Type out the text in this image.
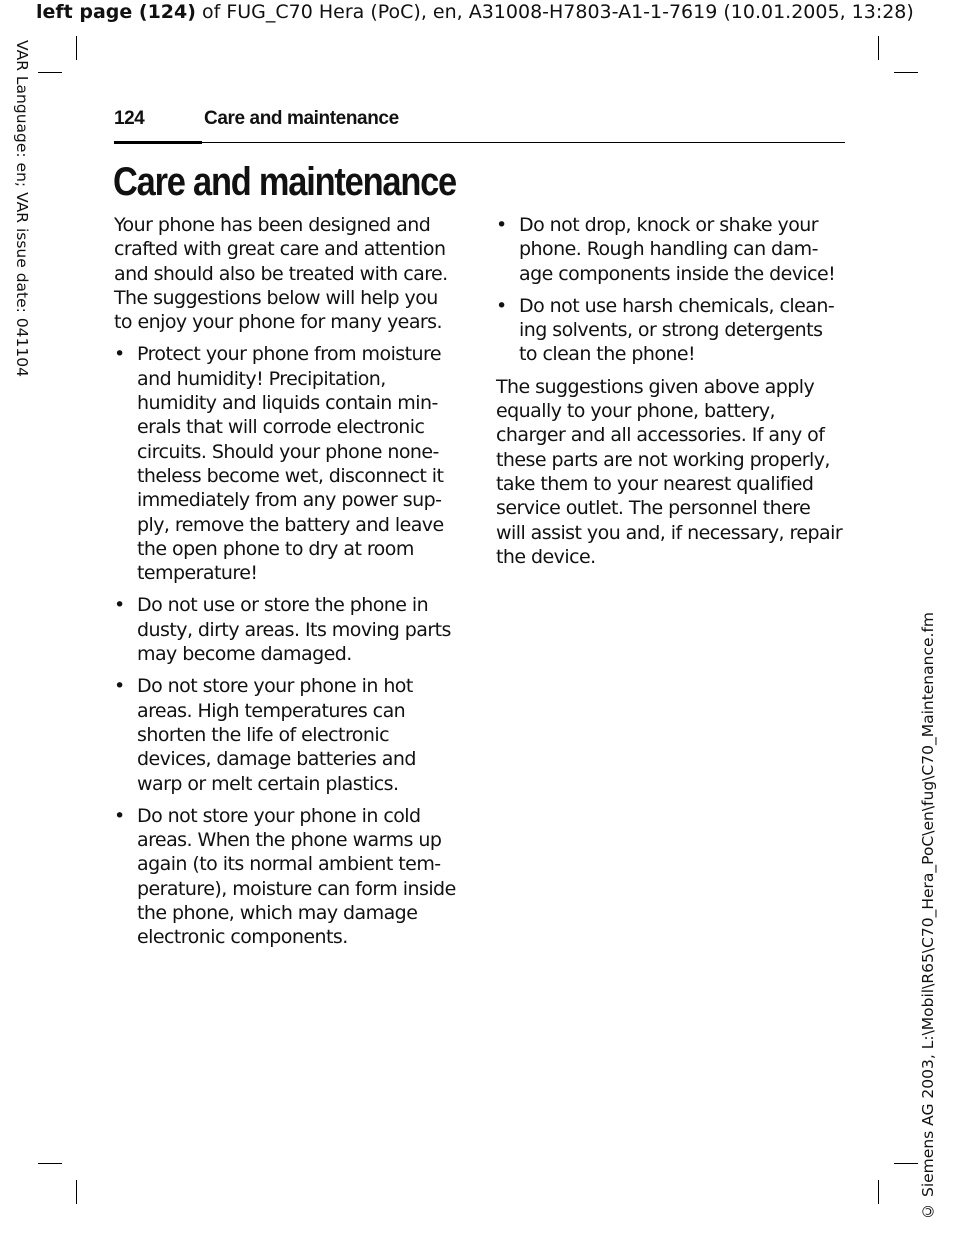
left page (124) of FUG_C70 Hera (PoC), en, A31008-H7803-A1-1-7619 (10.01.2005, 13:28)
VAR Language: en; VAR issue date: 041104
© Siemens AG 2003, L:\Mobil\R65\C70_Hera_PoC\en\fug\C70_Maintenance.fm
124	Care and maintenance
Care and maintenance

Your phone has been designed and crafted with great care and attention and should also be treated with care. The suggestions below will help you to enjoy your phone for many years.

• Protect your phone from moisture and humidity! Precipitation, humidity and liquids contain minerals that will corrode electronic circuits. Should your phone nonetheless become wet, disconnect it immediately from any power supply, remove the battery and leave the open phone to dry at room temperature!
• Do not use or store the phone in dusty, dirty areas. Its moving parts may become damaged.
• Do not store your phone in hot areas. High temperatures can shorten the life of electronic devices, damage batteries and warp or melt certain plastics.
• Do not store your phone in cold areas. When the phone warms up again (to its normal ambient temperature), moisture can form inside the phone, which may damage electronic components.
• Do not drop, knock or shake your phone. Rough handling can damage components inside the device!
• Do not use harsh chemicals, cleaning solvents, or strong detergents to clean the phone!

The suggestions given above apply equally to your phone, battery, charger and all accessories. If any of these parts are not working properly, take them to your nearest qualified service outlet. The personnel there will assist you and, if necessary, repair the device.
